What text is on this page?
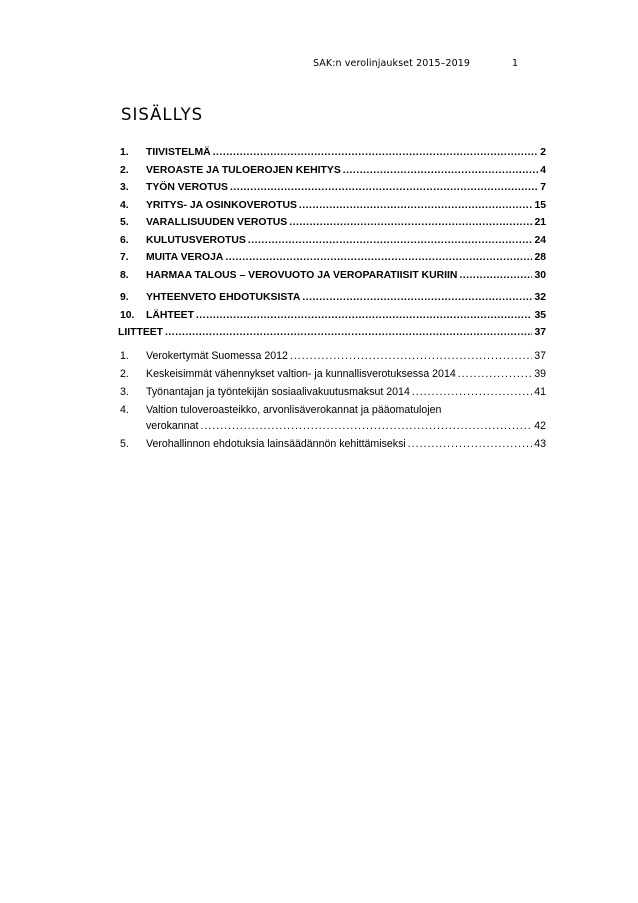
SAK:n verolinjaukset 2015–2019	1
SISÄLLYS
1.	TIIVISTELMÄ .....	2
2.	VEROASTE JA TULOEROJEN KEHITYS .....	4
3.	TYÖN VEROTUS .....	7
4.	YRITYS- JA OSINKOVEROTUS .....	15
5.	VARALLISUUDEN VEROTUS .....	21
6.	KULUTUSVEROTUS .....	24
7.	MUITA VEROJA .....	28
8.	HARMAA TALOUS – VEROVUOTO JA VEROPARATIISIT KURIIN .....	30
9.	YHTEENVETO EHDOTUKSISTA .....	32
10.	LÄHTEET .....	35
LIITTEET .....	37
1.	Verokertymät Suomessa 2012 .....	37
2.	Keskeisimmät vähennykset valtion- ja kunnallisverotuksessa 2014 .....	39
3.	Työnantajan ja työntekijän sosiaalivakuutusmaksut 2014 .....	41
4. Valtion tuloveroasteikko, arvonlisäverokannat ja pääomatulojen
verokannat .....	42
5.	Verohallinnon ehdotuksia lainsäädännön kehittämiseksi .....	43
